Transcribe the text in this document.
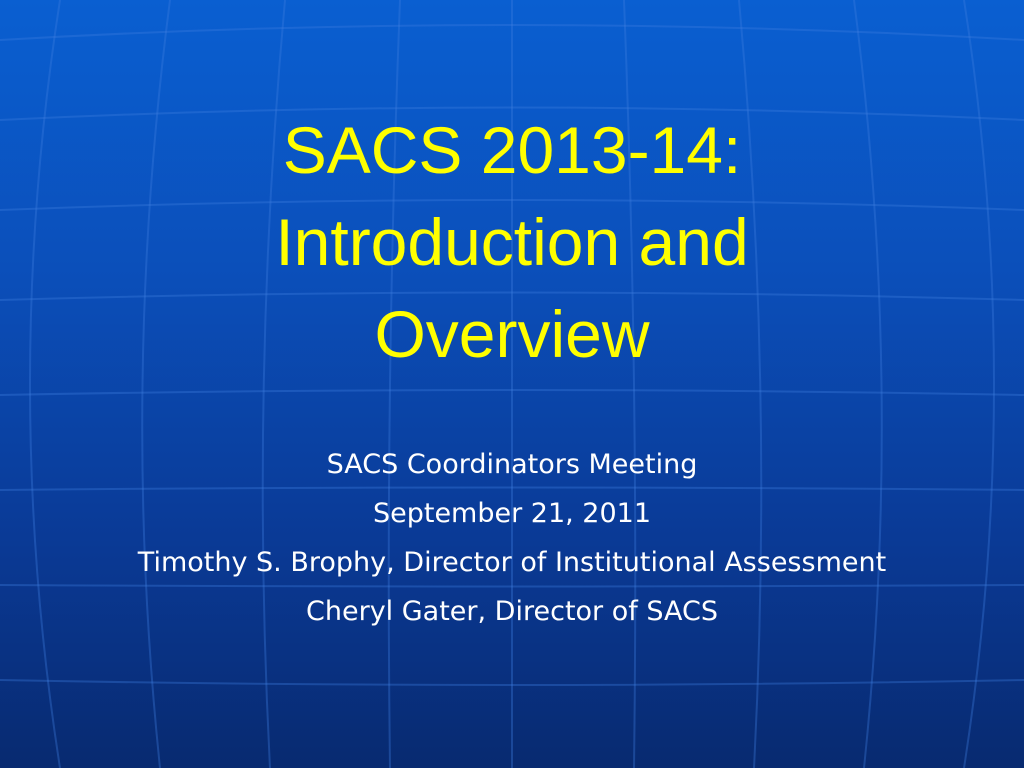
SACS 2013-14:
Introduction and
Overview
SACS Coordinators Meeting
September 21, 2011
Timothy S. Brophy, Director of Institutional Assessment
Cheryl Gater, Director of SACS
